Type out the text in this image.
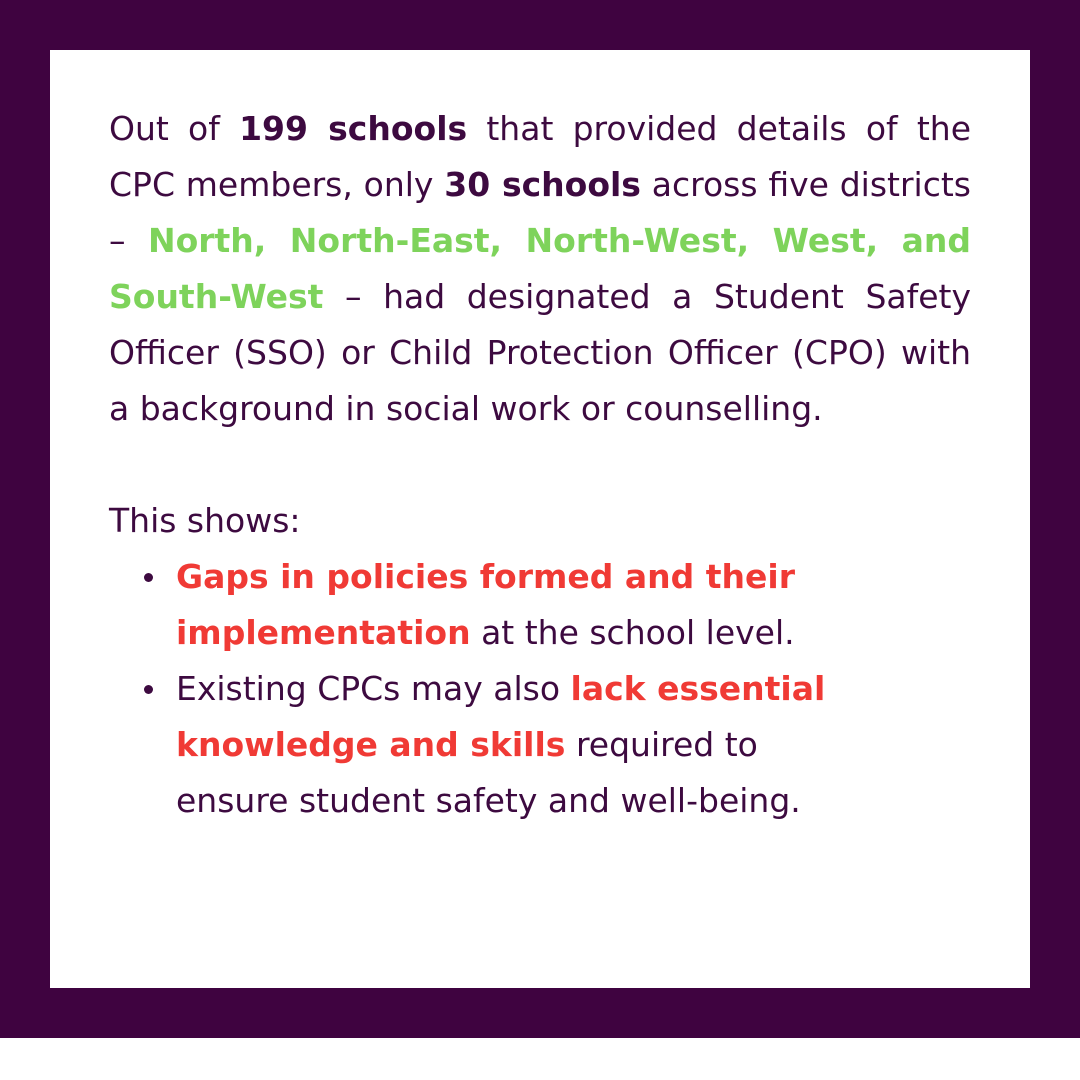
Out of 199 schools that provided details of the CPC members, only 30 schools across five districts – North, North-East, North-West, West, and South-West – had designated a Student Safety Officer (SSO) or Child Protection Officer (CPO) with a background in social work or counselling.

This shows:

Gaps in policies formed and their implementation at the school level.
Existing CPCs may also lack essential knowledge and skills required to ensure student safety and well-being.
